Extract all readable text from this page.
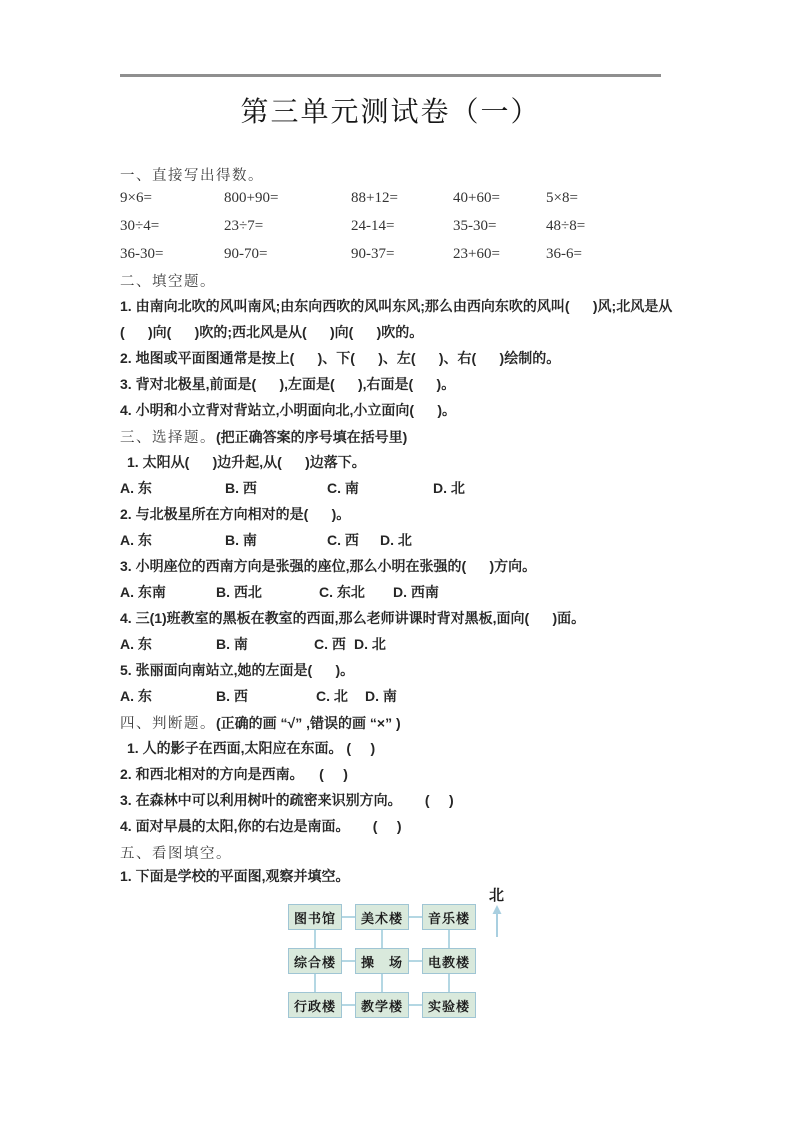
第三单元测试卷（一）
一、直接写出得数。
9×6=	800+90=	88+12=	40+60=	5×8=
30÷4=	23÷7=	24-14=	35-30=	48÷8=
36-30=	90-70=	90-37=	23+60=	36-6=
二、填空题。
1. 由南向北吹的风叫南风;由东向西吹的风叫东风;那么由西向东吹的风叫(      )风;北风是从
(      )向(      )吹的;西北风是从(      )向(      )吹的。
2. 地图或平面图通常是按上(      )、下(      )、左(      )、右(      )绘制的。
3. 背对北极星,前面是(      ),左面是(      ),右面是(      )。
4. 小明和小立背对背站立,小明面向北,小立面向(      )。
三、选择题。(把正确答案的序号填在括号里)
1. 太阳从(      )边升起,从(      )边落下。
A. 东	B. 西	C. 南	D. 北
2. 与北极星所在方向相对的是(      )。
A. 东	B. 南	C. 西 D. 北
3. 小明座位的西南方向是张强的座位,那么小明在张强的(      )方向。
A. 东南	B. 西北	C. 东北 D. 西南
4. 三(1)班教室的黑板在教室的西面,那么老师讲课时背对黑板,面向(      )面。
A. 东	B. 南	C. 西 D. 北
5. 张丽面向南站立,她的左面是(      )。
A. 东	B. 西	C. 北 D. 南
四、判断题。(正确的画 “√” ,错误的画 “×” )
1. 人的影子在西面,太阳应在东面。 (     )
2. 和西北相对的方向是西南。    (     )
3. 在森林中可以利用树叶的疏密来识别方向。      (     )
4. 面对早晨的太阳,你的右边是南面。      (     )
五、看图填空。
1. 下面是学校的平面图,观察并填空。
图书馆	美术楼	音乐楼
综合楼	操　场	电教楼
行政楼	教学楼	实验楼
北
